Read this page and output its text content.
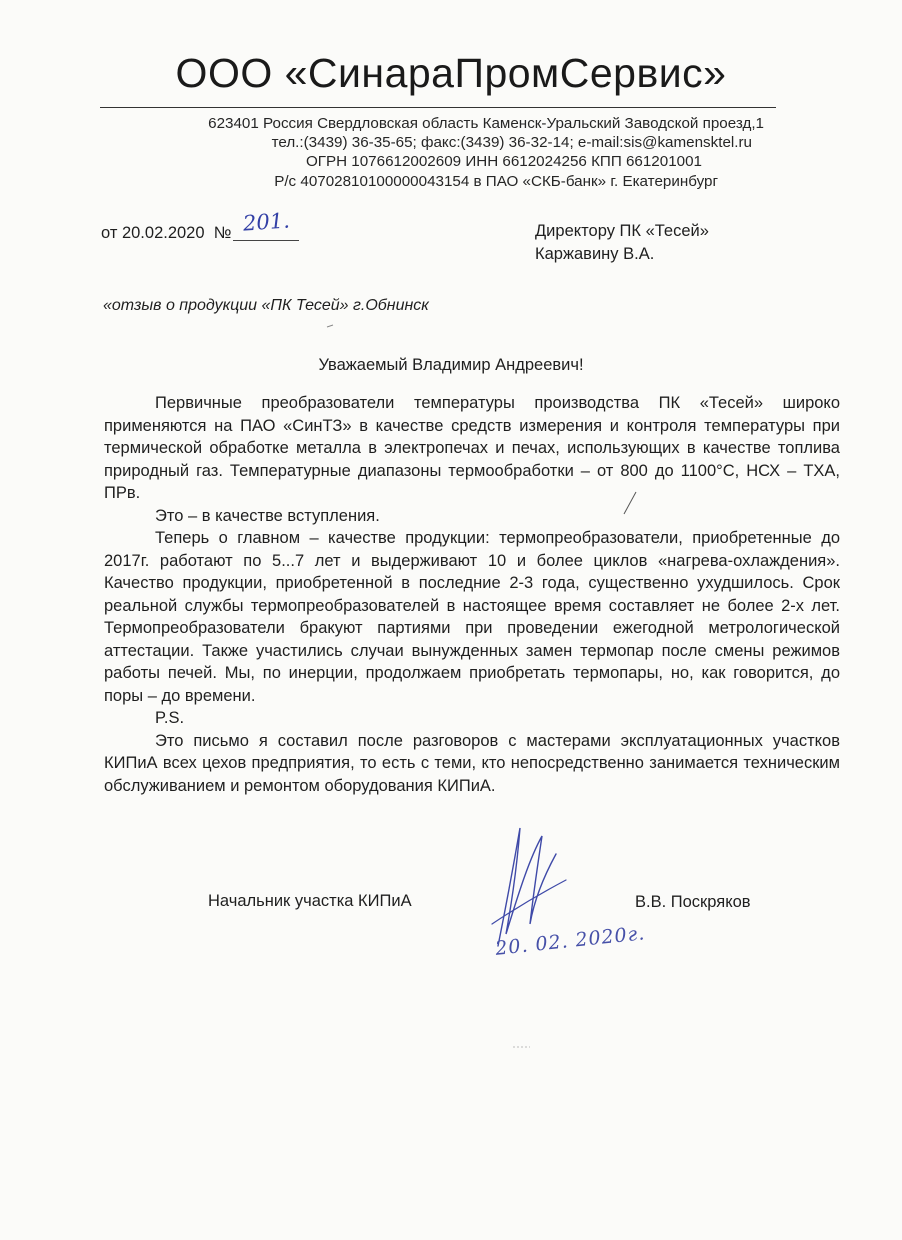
ООО «СинараПромСервис»
623401 Россия Свердловская область Каменск-Уральский Заводской проезд,1
тел.:(3439) 36-35-65; факс:(3439) 36-32-14; e-mail:sis@kamensktel.ru
ОГРН 1076612002609 ИНН 6612024256 КПП 661201001
Р/с 40702810100000043154 в ПАО «СКБ-банк» г. Екатеринбург
от 20.02.2020  № 201.	Директору ПК «Тесей»
Каржавину В.А.
«отзыв о продукции «ПК Тесей» г.Обнинск
Уважаемый Владимир Андреевич!

Первичные преобразователи температуры производства ПК «Тесей» широко применяются на ПАО «СинТЗ» в качестве средств измерения и контроля температуры при термической обработке металла в электропечах и печах, использующих в качестве топлива природный газ. Температурные диапазоны термообработки – от 800 до 1100°С, НСХ – ТХА, ПРв.

Это – в качестве вступления.

Теперь о главном – качестве продукции: термопреобразователи, приобретенные до 2017г. работают по 5...7 лет и выдерживают 10 и более циклов «нагрева-охлаждения». Качество продукции, приобретенной в последние 2-3 года, существенно ухудшилось. Срок реальной службы термопреобразователей в настоящее время составляет не более 2-х лет. Термопреобразователи бракуют партиями при проведении ежегодной метрологической аттестации. Также участились случаи вынужденных замен термопар после смены режимов работы печей. Мы, по инерции, продолжаем приобретать термопары, но, как говорится, до поры – до времени.

P.S.

Это письмо я составил после разговоров с мастерами эксплуатационных участков КИПиА всех цехов предприятия, то есть с теми, кто непосредственно занимается техническим обслуживанием и ремонтом оборудования КИПиА.

Начальник участка КИПиА	В.В. Поскряков
20. 02. 2020г.
